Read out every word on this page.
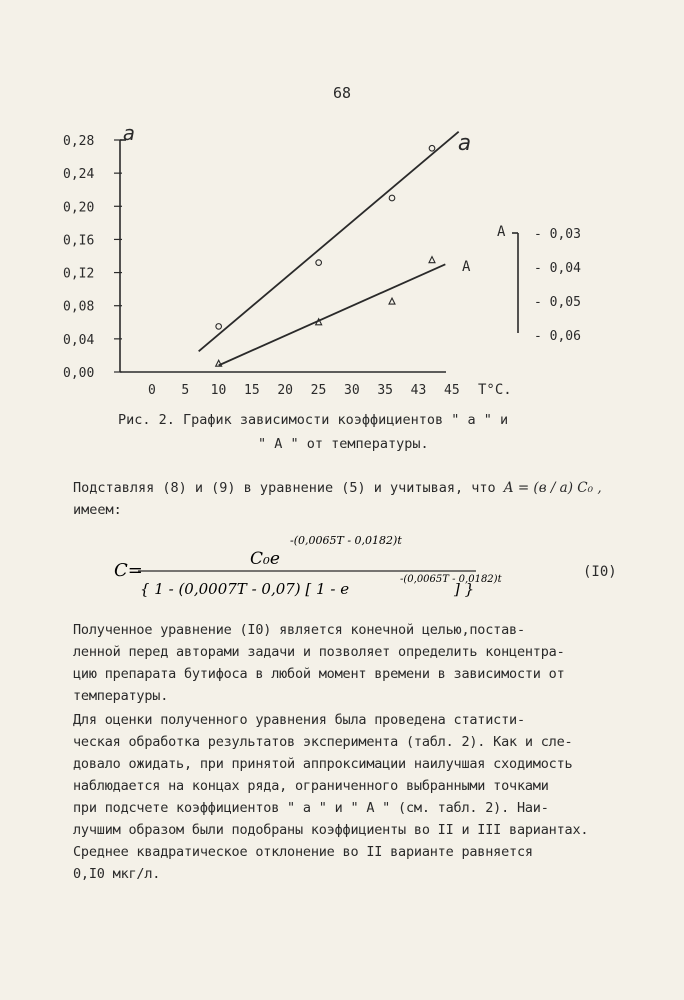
68
a
0,00
0,04
0,08
0,I2
0,I6
0,20
0,24
0,28
0 5 10 15 20 25 30 35 43 45 T°C.
A - 0,03
- 0,04
- 0,05
- 0,06
a
A
Рис. 2. График зависимости коэффициентов " a " и
" A " от температуры.
Подставляя (8) и (9) в уравнение (5) и учитывая, что A = (в / a) C₀ ,
имеем:
C=
C₀e
-(0,0065T - 0,0182)t
{ 1 - (0,0007T - 0,07) [ 1 - e
-(0,0065T - 0,0182)t
] }
(I0)
Полученное уравнение (I0) является конечной целью,постав-
ленной перед авторами задачи и позволяет определить концентра-
цию препарата бутифоса в любой момент времени в зависимости от
температуры.
Для оценки полученного уравнения была проведена статисти-
ческая обработка результатов эксперимента (табл. 2). Как и сле-
довало ожидать, при принятой аппроксимации наилучшая сходимость
наблюдается на концах ряда, ограниченного выбранными точками
при подсчете коэффициентов " a " и " A " (см. табл. 2). Наи-
лучшим образом были подобраны коэффициенты во II и III вариантах.
Среднее квадратическое отклонение во II варианте равняется
0,I0 мкг/л.
